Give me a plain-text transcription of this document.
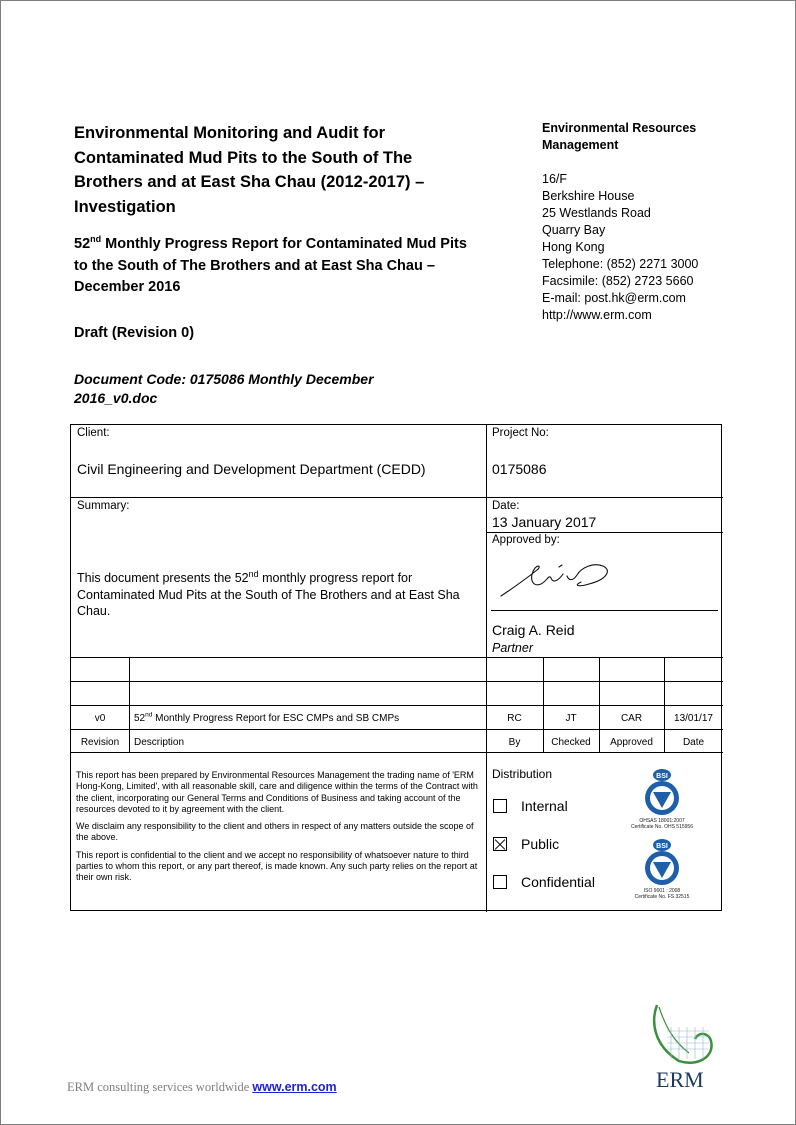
Environmental Monitoring and Audit for Contaminated Mud Pits to the South of The Brothers and at East Sha Chau (2012-2017) – Investigation
52nd Monthly Progress Report for Contaminated Mud Pits to the South of The Brothers and at East Sha Chau – December 2016
Draft (Revision 0)
Document Code: 0175086 Monthly December 2016_v0.doc
Environmental Resources Management
16/F
Berkshire House
25 Westlands Road
Quarry Bay
Hong Kong
Telephone: (852) 2271 3000
Facsimile: (852) 2723 5660
E-mail: post.hk@erm.com
http://www.erm.com
Client:
Civil Engineering and Development Department (CEDD)
Project No:
0175086
Summary:
This document presents the 52nd monthly progress report for Contaminated Mud Pits at the South of The Brothers and at East Sha Chau.
Date:
13 January 2017
Approved by:
Craig A. Reid
Partner
v0	52nd Monthly Progress Report for ESC CMPs and SB CMPs	RC	JT	CAR	13/01/17
Revision	Description	By	Checked	Approved	Date

This report has been prepared by Environmental Resources Management the trading name of 'ERM Hong-Kong, Limited', with all reasonable skill, care and diligence within the terms of the Contract with the client, incorporating our General Terms and Conditions of Business and taking account of the resources devoted to it by agreement with the client.

We disclaim any responsibility to the client and others in respect of any matters outside the scope of the above.

This report is confidential to the client and we accept no responsibility of whatsoever nature to third parties to whom this report, or any part thereof, is made known. Any such party relies on the report at their own risk.

Distribution
Internal
Public
Confidential
BSI
OHSAS 18001:2007
Certificate No. OHS 515956
BSI
ISO 9001 : 2008
Certificate No. FS 32515
ERM
ERM consulting services worldwide www.erm.com
